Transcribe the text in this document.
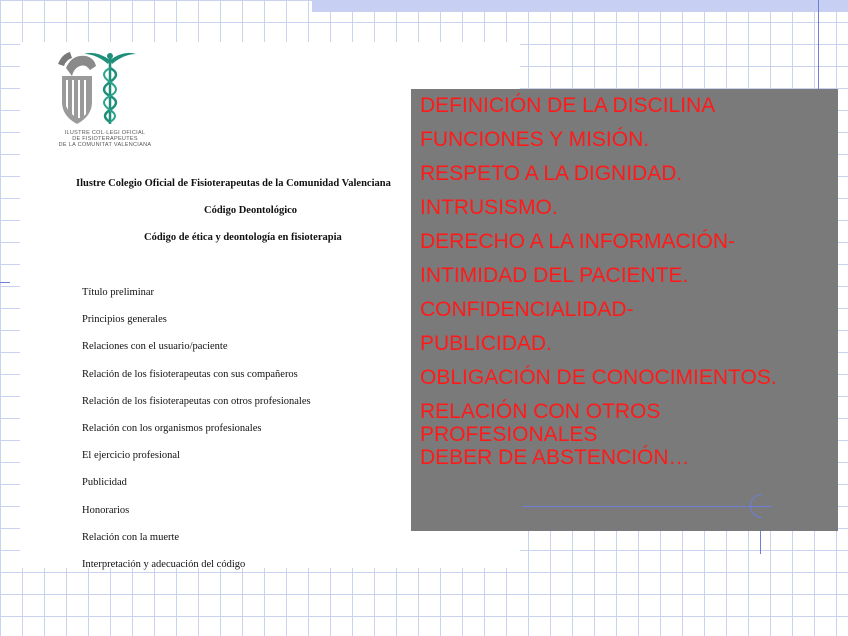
ILUSTRE COL·LEGI OFICIAL
DE FISIOTERAPEUTES
DE LA COMUNITAT VALENCIANA
Ilustre Colegio Oficial de Fisioterapeutas de la Comunidad Valenciana
Código Deontológico
Código de ética y deontología en fisioterapia
Título preliminar
Principios generales
Relaciones con el usuario/paciente
Relación de los fisioterapeutas con sus compañeros
Relación de los fisioterapeutas con otros profesionales
Relación con los organismos profesionales
El ejercicio profesional
Publicidad
Honorarios
Relación con la muerte
Interpretación y adecuación del código
DEFINICIÓN DE LA DISCILINA
FUNCIONES Y MISIÓN.
RESPETO A LA DIGNIDAD.
INTRUSISMO.
DERECHO A LA INFORMACIÓN-
INTIMIDAD DEL PACIENTE.
CONFIDENCIALIDAD-
PUBLICIDAD.
OBLIGACIÓN DE CONOCIMIENTOS.
RELACIÓN CON OTROS PROFESIONALES
DEBER DE ABSTENCIÓN…
